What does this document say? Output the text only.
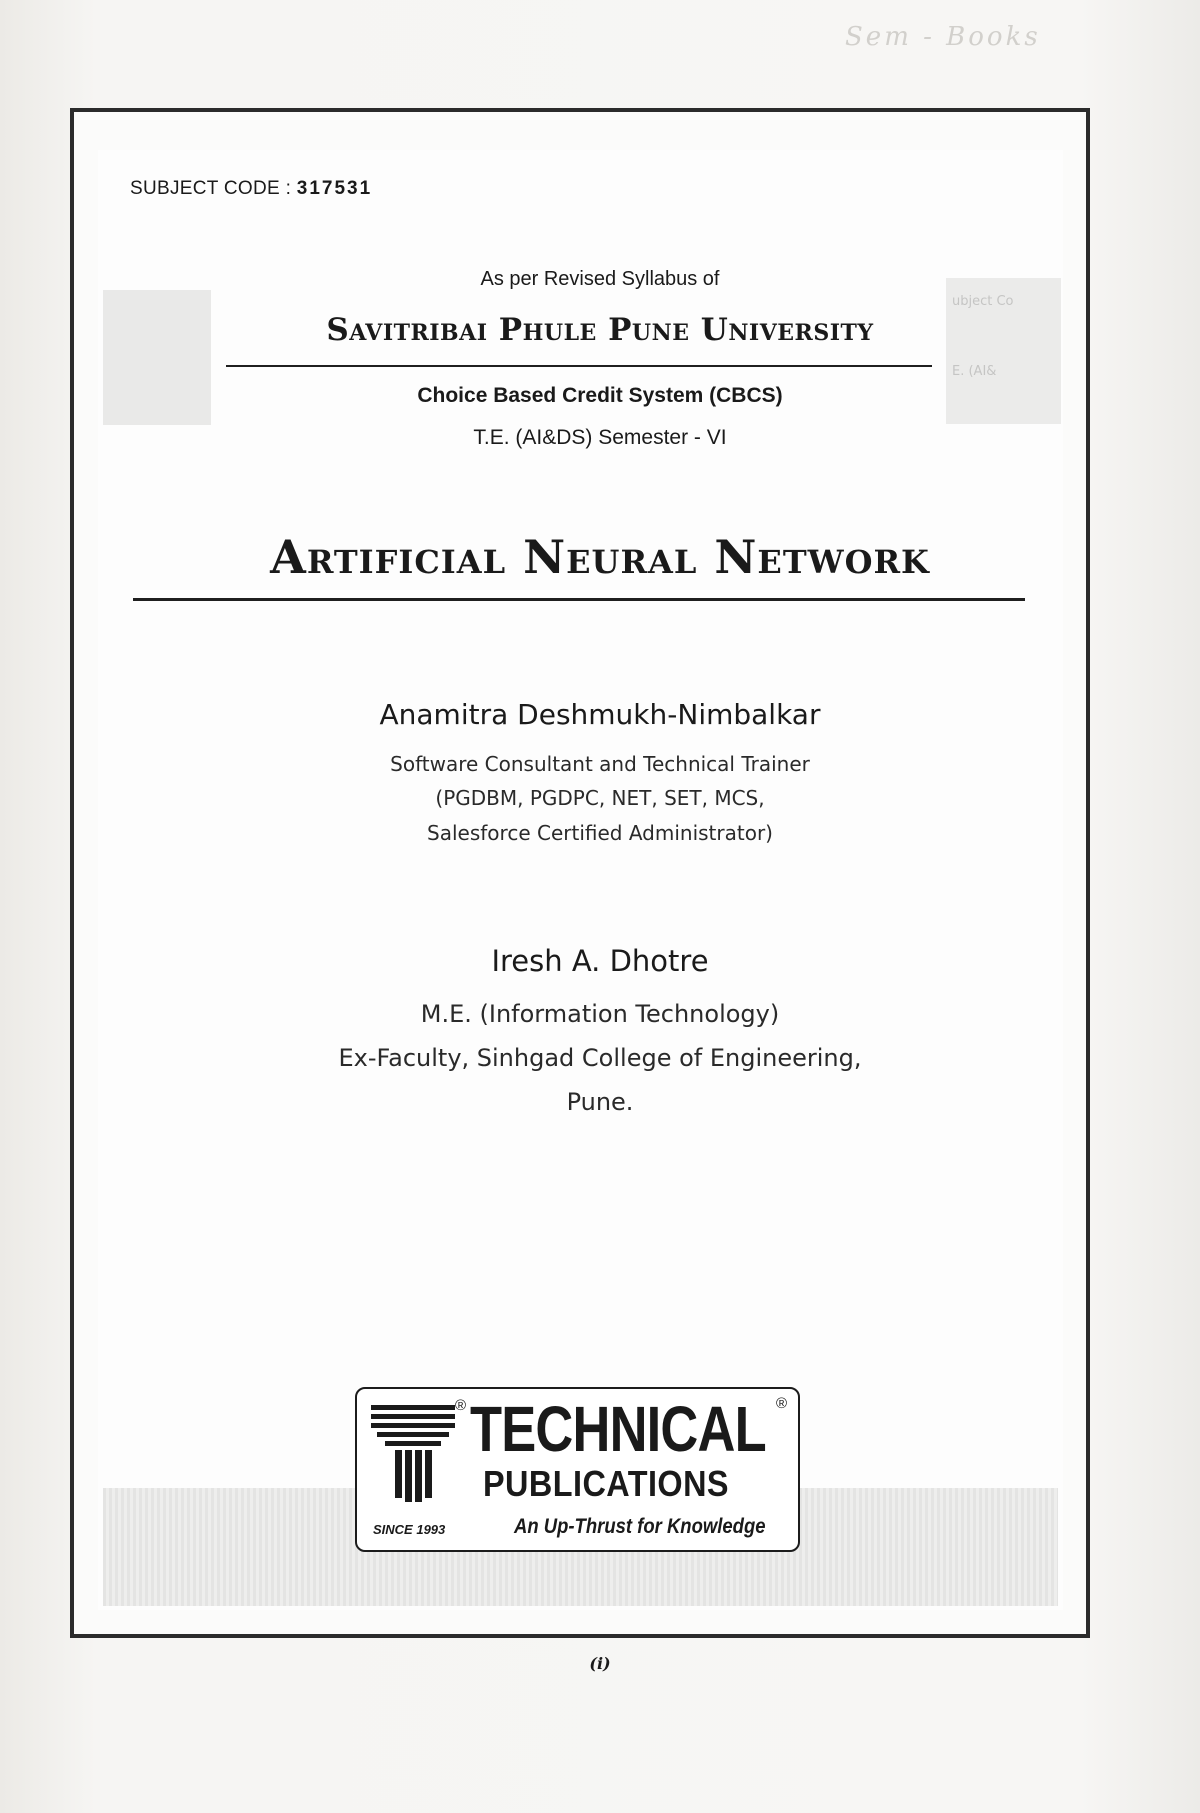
Sem - Books
ubject Co
E. (AI&

SUBJECT CODE : 317531

As per Revised Syllabus of

Savitribai Phule Pune University

Choice Based Credit System (CBCS)

T.E. (AI&DS) Semester - VI

Artificial Neural Network

Anamitra Deshmukh-Nimbalkar

Software Consultant and Technical Trainer

(PGDBM, PGDPC, NET, SET, MCS,

Salesforce Certified Administrator)

Iresh A. Dhotre

M.E. (Information Technology)

Ex-Faculty, Sinhgad College of Engineering,

Pune.

®	®
TECHNICAL
PUBLICATIONS
An Up-Thrust for Knowledge
SINCE 1993

(i)
